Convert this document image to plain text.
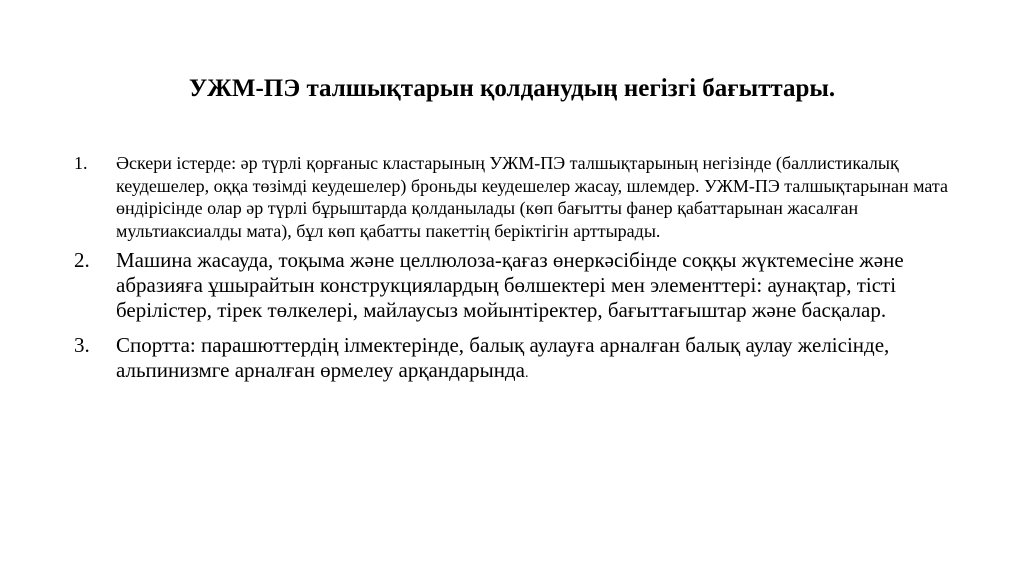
УЖМ-ПЭ талшықтарын қолданудың негізгі бағыттары.
1.	Әскери істерде: әр түрлі қорғаныс кластарының УЖМ-ПЭ талшықтарының негізінде (баллистикалық кеудешелер, оққа төзімді кеудешелер) броньды кеудешелер жасау, шлемдер. УЖМ-ПЭ талшықтарынан мата өндірісінде олар әр түрлі бұрыштарда қолданылады (көп бағытты фанер қабаттарынан жасалған мультиаксиалды мата), бұл көп қабатты пакеттің беріктігін арттырады.
2.	Машина жасауда, тоқыма және целлюлоза-қағаз өнеркәсібінде соққы жүктемесіне және абразияға ұшырайтын конструкциялардың бөлшектері мен элементтері: аунақтар, тісті берілістер, тірек төлкелері, майлаусыз мойынтіректер, бағыттағыштар және басқалар.
3.	Спортта: парашюттердің ілмектерінде, балық аулауға арналған балық аулау желісінде, альпинизмге арналған өрмелеу арқандарында.
